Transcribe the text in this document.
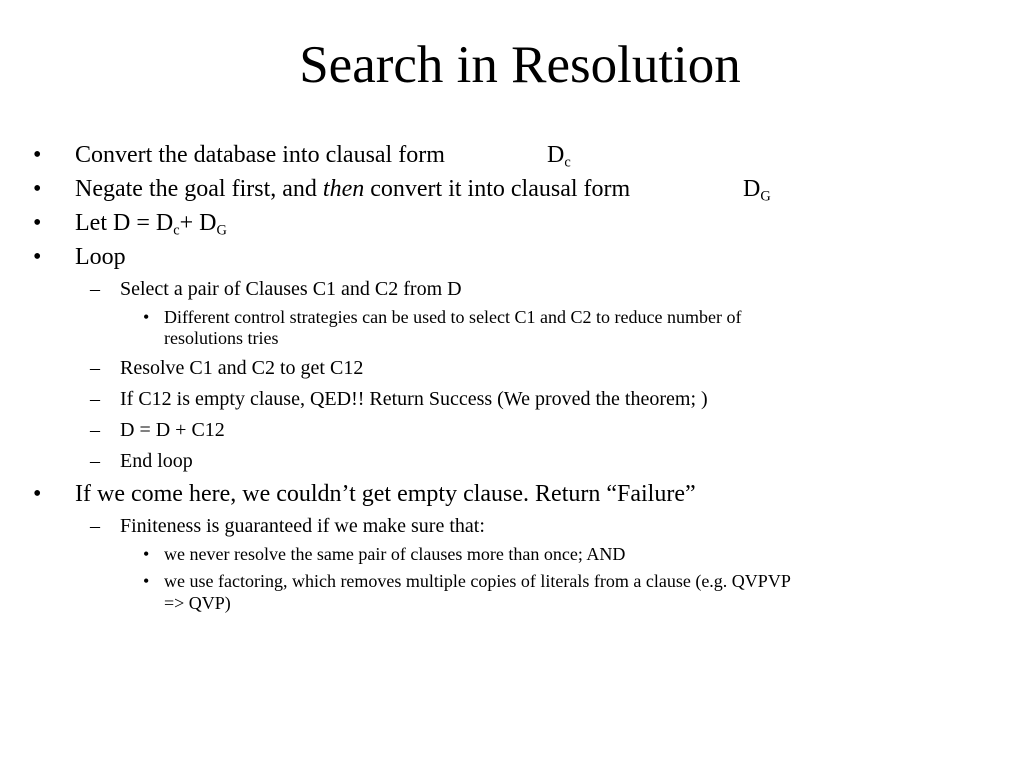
Search in Resolution
• Convert the database into clausal form	$D_c$
• Negate the goal first, and then convert it into clausal form	$D_G$
• Let $D = D_c+ D_G$
• Loop
– Select a pair of Clauses C1 and C2 from D
• Different control strategies can be used to select C1 and C2 to reduce number of
resolutions tries
– Resolve C1 and C2 to get C12
– If C12 is empty clause, QED!! Return Success (We proved the theorem; )
– D = D + C12
– End loop
• If we come here, we couldn’t get empty clause. Return “Failure”
– Finiteness is guaranteed if we make sure that:
• we never resolve the same pair of clauses more than once; AND
• we use factoring, which removes multiple copies of literals from a clause (e.g. QVPVP
=> QVP)
